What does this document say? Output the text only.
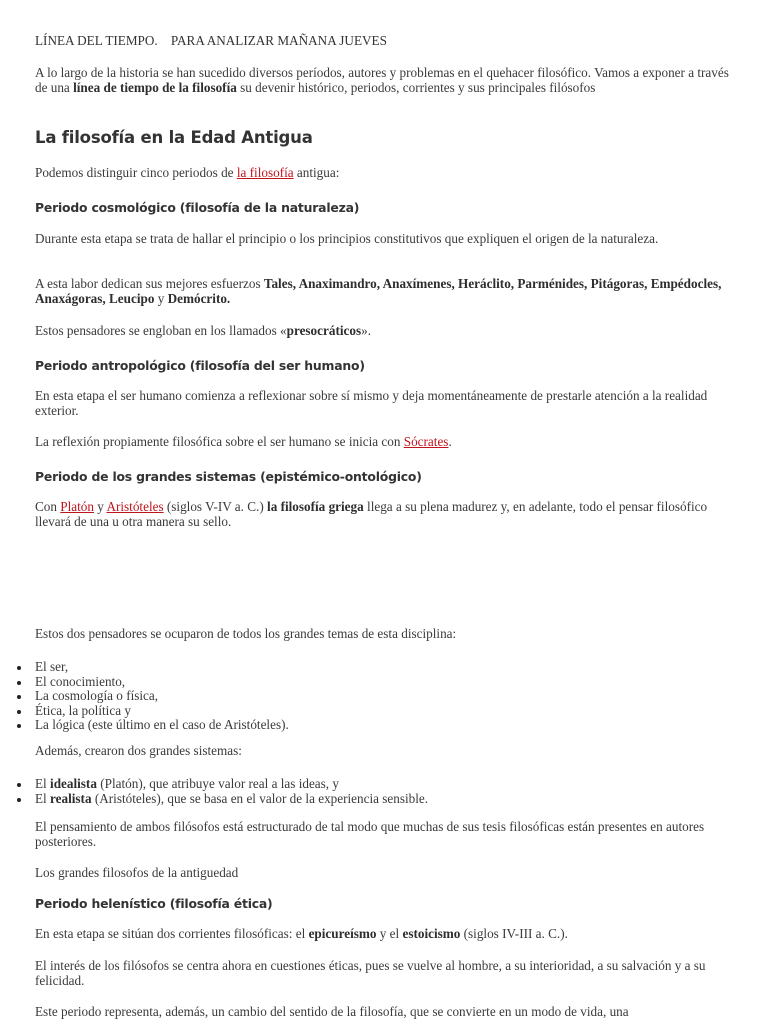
LÍNEA DEL TIEMPO.    PARA ANALIZAR MAÑANA JUEVES

A lo largo de la historia se han sucedido diversos períodos, autores y problemas en el quehacer filosófico. Vamos a exponer a través de una línea de tiempo de la filosofía su devenir histórico, periodos, corrientes y sus principales filósofos

La filosofía en la Edad Antigua

Podemos distinguir cinco periodos de la filosofía antigua:

Periodo cosmológico (filosofía de la naturaleza)

Durante esta etapa se trata de hallar el principio o los principios constitutivos que expliquen el origen de la naturaleza.

A esta labor dedican sus mejores esfuerzos Tales, Anaximandro, Anaxímenes, Heráclito, Parménides, Pitágoras, Empédocles, Anaxágoras, Leucipo y Demócrito.

Estos pensadores se engloban en los llamados «presocráticos».

Periodo antropológico (filosofía del ser humano)

En esta etapa el ser humano comienza a reflexionar sobre sí mismo y deja momentáneamente de prestarle atención a la realidad exterior.

La reflexión propiamente filosófica sobre el ser humano se inicia con Sócrates.

Periodo de los grandes sistemas (epistémico-ontológico)

Con Platón y Aristóteles (siglos V-IV a. C.) la filosofía griega llega a su plena madurez y, en adelante, todo el pensar filosófico llevará de una u otra manera su sello.

Estos dos pensadores se ocuparon de todos los grandes temas de esta disciplina:

El ser,
El conocimiento,
La cosmología o física,
Ética, la política y
La lógica (este último en el caso de Aristóteles).

Además, crearon dos grandes sistemas:

El idealista (Platón), que atribuye valor real a las ideas, y
El realista (Aristóteles), que se basa en el valor de la experiencia sensible.

El pensamiento de ambos filósofos está estructurado de tal modo que muchas de sus tesis filosóficas están presentes en autores posteriores.

Los grandes filosofos de la antiguedad

Periodo helenístico (filosofía ética)

En esta etapa se sitúan dos corrientes filosóficas: el epicureísmo y el estoicismo (siglos IV-III a. C.).

El interés de los filósofos se centra ahora en cuestiones éticas, pues se vuelve al hombre, a su interioridad, a su salvación y a su felicidad.

Este periodo representa, además, un cambio del sentido de la filosofía, que se convierte en un modo de vida, una
